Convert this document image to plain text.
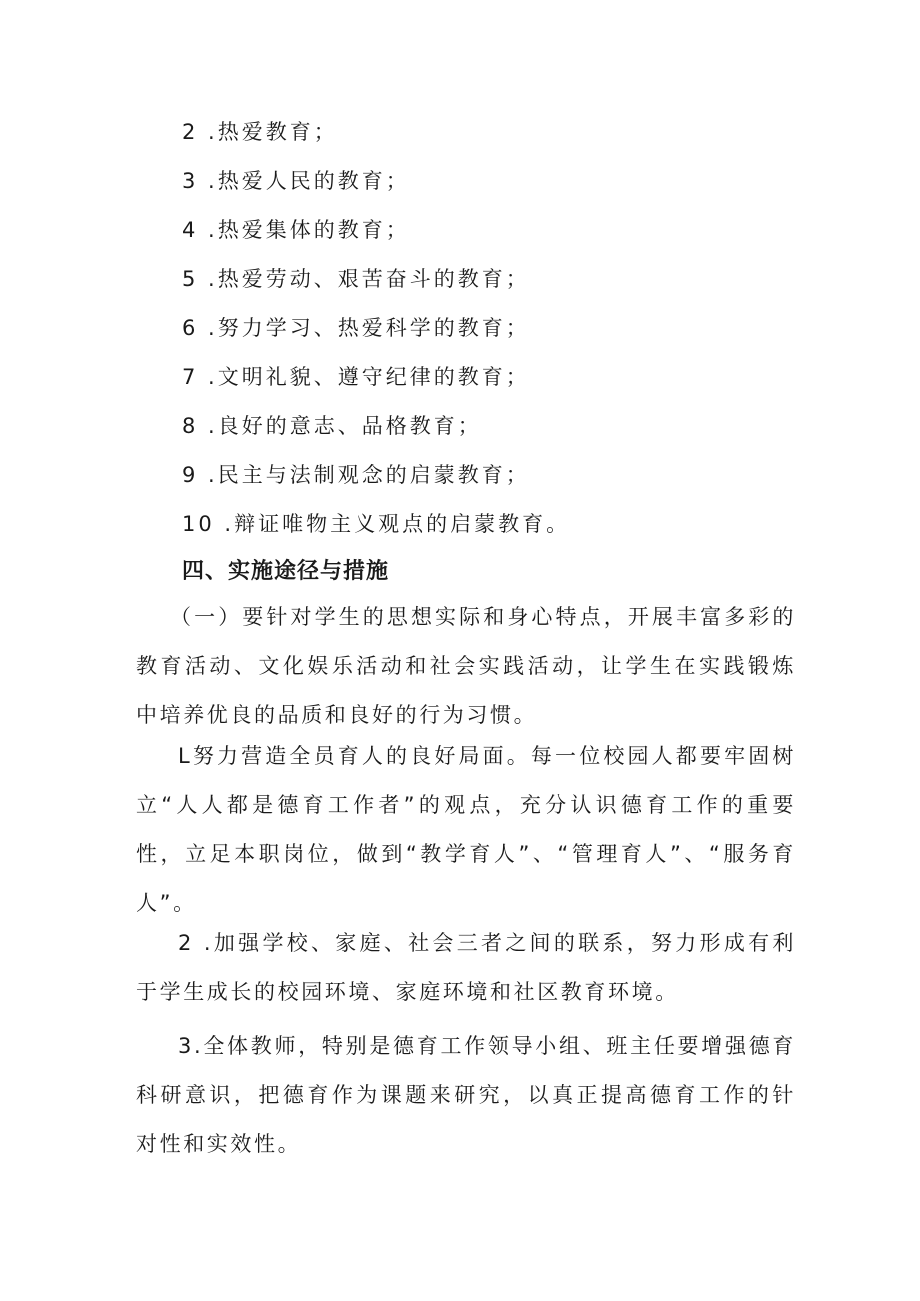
2 .热爱教育；
3 .热爱人民的教育；
4 .热爱集体的教育；
5 .热爱劳动、艰苦奋斗的教育；
6 .努力学习、热爱科学的教育；
7 .文明礼貌、遵守纪律的教育；
8 .良好的意志、品格教育；
9 .民主与法制观念的启蒙教育；
10 .辩证唯物主义观点的启蒙教育。
四、实施途径与措施

（一）要针对学生的思想实际和身心特点，开展丰富多彩的教育活动、文化娱乐活动和社会实践活动，让学生在实践锻炼中培养优良的品质和良好的行为习惯。

L努力营造全员育人的良好局面。每一位校园人都要牢固树立“人人都是德育工作者”的观点，充分认识德育工作的重要性，立足本职岗位，做到“教学育人”、“管理育人”、“服务育人”。

2 .加强学校、家庭、社会三者之间的联系，努力形成有利于学生成长的校园环境、家庭环境和社区教育环境。

3.全体教师，特别是德育工作领导小组、班主任要增强德育科研意识，把德育作为课题来研究，以真正提高德育工作的针对性和实效性。
